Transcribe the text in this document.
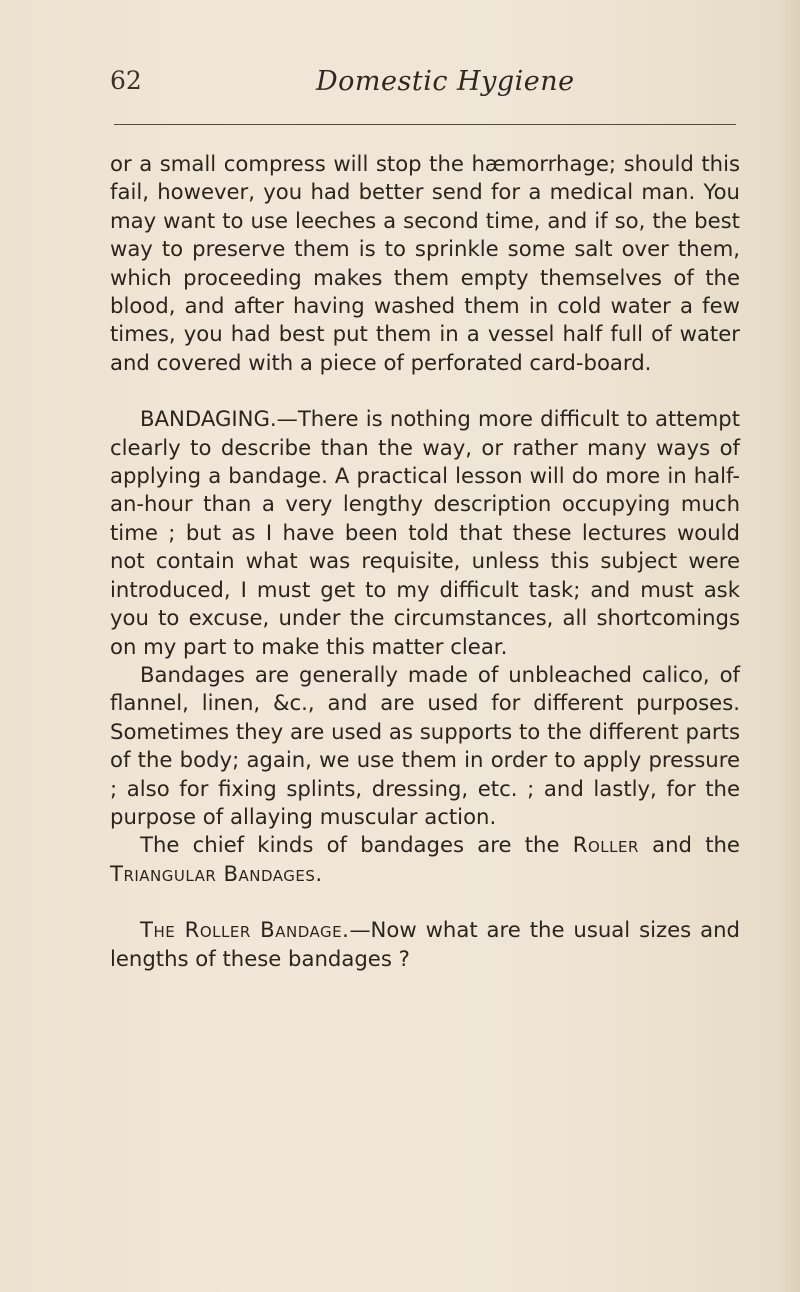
62	Domestic Hygiene

or a small compress will stop the hæmorrhage; should this fail, however, you had better send for a medical man. You may want to use leeches a second time, and if so, the best way to preserve them is to sprinkle some salt over them, which proceeding makes them empty themselves of the blood, and after having washed them in cold water a few times, you had best put them in a vessel half full of water and covered with a piece of perforated card-board.

BANDAGING.—There is nothing more difficult to attempt clearly to describe than the way, or rather many ways of applying a bandage. A practical lesson will do more in half-an-hour than a very lengthy description occupying much time ; but as I have been told that these lectures would not contain what was requisite, unless this subject were introduced, I must get to my difficult task; and must ask you to excuse, under the circumstances, all shortcomings on my part to make this matter clear.

Bandages are generally made of unbleached calico, of flannel, linen, &c., and are used for different purposes. Sometimes they are used as supports to the different parts of the body; again, we use them in order to apply pressure ; also for fixing splints, dressing, etc. ; and lastly, for the purpose of allaying muscular action.

The chief kinds of bandages are the Roller and the Triangular Bandages.

The Roller Bandage.—Now what are the usual sizes and lengths of these bandages ?
